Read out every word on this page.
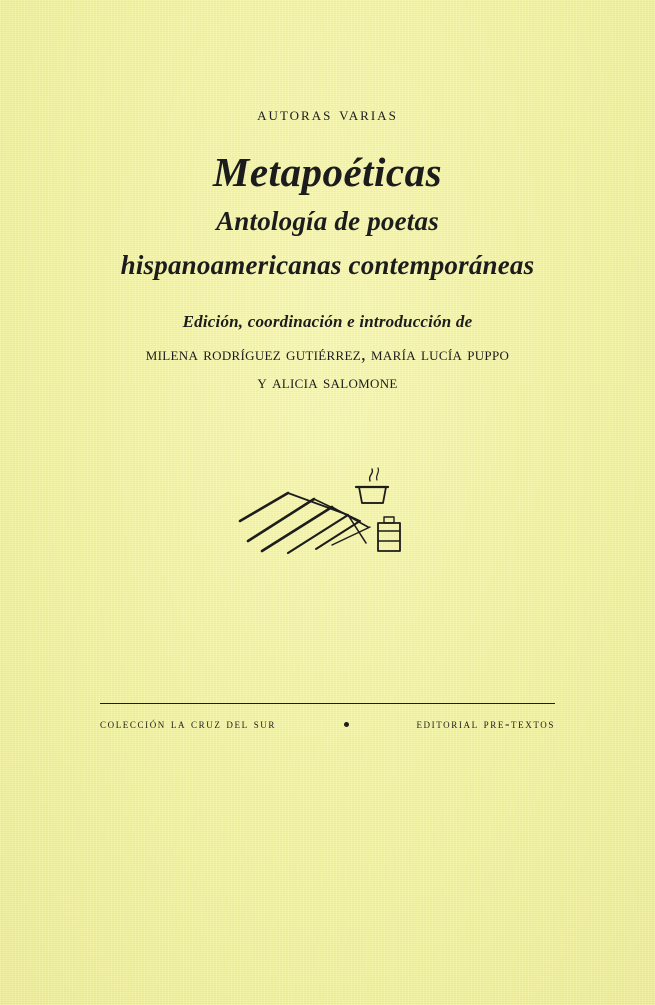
autoras varias
Metapoéticas
Antología de poetas
hispanoamericanas contemporáneas
Edición, coordinación e introducción de
milena rodríguez gutiérrez, maría lucía puppo
y alicia salomone
colección la cruz del sur	editorial pre-textos
